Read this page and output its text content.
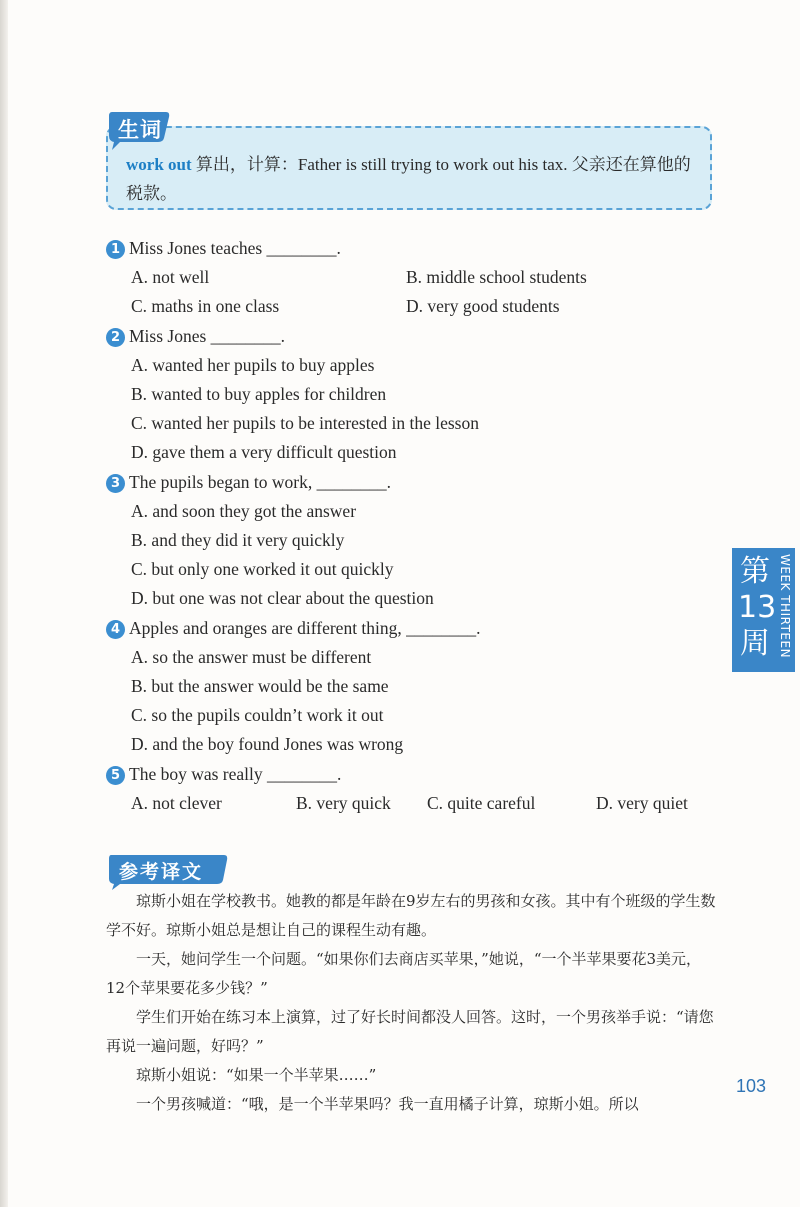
work out 算出，计算：Father is still trying to work out his tax. 父亲还在算他的税款。
生词
1 Miss Jones teaches ________.
A. not well	B. middle school students
C. maths in one class	D. very good students
2 Miss Jones ________.
A. wanted her pupils to buy apples
B. wanted to buy apples for children
C. wanted her pupils to be interested in the lesson
D. gave them a very difficult question
3 The pupils began to work, ________.
A. and soon they got the answer
B. and they did it very quickly
C. but only one worked it out quickly
D. but one was not clear about the question
4 Apples and oranges are different thing, ________.
A. so the answer must be different
B. but the answer would be the same
C. so the pupils couldn’t work it out
D. and the boy found Jones was wrong
5 The boy was really ________.
A. not clever	B. very quick C. quite careful	D. very quiet
第13周 WEEK THIRTEEN
参考译文

琼斯小姐在学校教书。她教的都是年龄在9岁左右的男孩和女孩。其中有个班级的学生数学不好。琼斯小姐总是想让自己的课程生动有趣。

一天，她问学生一个问题。“如果你们去商店买苹果，”她说，“一个半苹果要花3美元，12个苹果要花多少钱？”

学生们开始在练习本上演算，过了好长时间都没人回答。这时，一个男孩举手说：“请您再说一遍问题，好吗？”

琼斯小姐说：“如果一个半苹果……”

一个男孩喊道：“哦，是一个半苹果吗？我一直用橘子计算，琼斯小姐。所以

103
